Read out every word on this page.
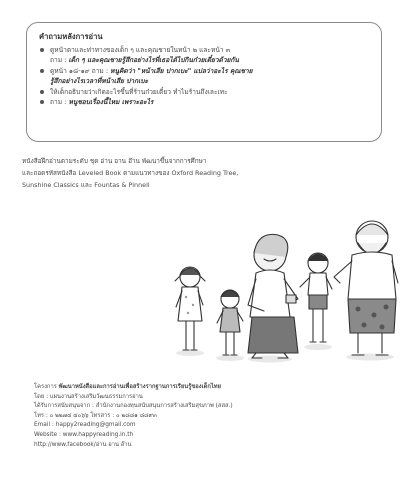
คำถามหลังการอ่าน
ดูหน้าตาและท่าทางของเด็ก ๆ และคุณชายในหน้า ๒ และหน้า ๓
ถาม : เด็ก ๆ และคุณชายรู้สึกอย่างไรที่เธอได้ไปกินก๋วยเตี๋ยวด้วยกัน
ดูหน้า ๑๘-๑๙ ถาม : หนูคิดว่า "หน้าเสีย ปากเบะ" แปลว่าอะไร คุณชาย
รู้สึกอย่างไรเวลาที่หน้าเสีย ปากเบะ
ให้เด็กอธิบายว่าเกิดอะไรขึ้นที่ร้านก๋วยเตี๋ยว ทำไมร้านถึงเละเทะ
ถาม : หนูชอบเรื่องนี้ไหม เพราะอะไร
หนังสือฝึกอ่านตามระดับ ชุด อ่าน อาน อ๊าน พัฒนาขึ้นจากการศึกษา
และถอดรหัสหนังสือ Leveled Book ตามแนวทางของ Oxford Reading Tree,
Sunshine Classics และ Fountas & Pinnell
โครงการ พัฒนาหนังสือและการอ่านเพื่อสร้างรากฐานการเรียนรู้ของเด็กไทย
โดย : แผนงานสร้างเสริมวัฒนธรรมการอ่าน
ได้รับการสนับสนุนจาก : สำนักงานกองทุนสนับสนุนการสร้างเสริมสุขภาพ (สสส.)
โทร : ๐ ๒๒๗๔ ๔๐๖๖ โทรสาร : ๐ ๒๘๘๑ ๘๘๙๓
Email : happy2reading@gmail.com
Website : www.happyreading.in.th
http://www.facebook/อ่าน อาน อ๊าน
